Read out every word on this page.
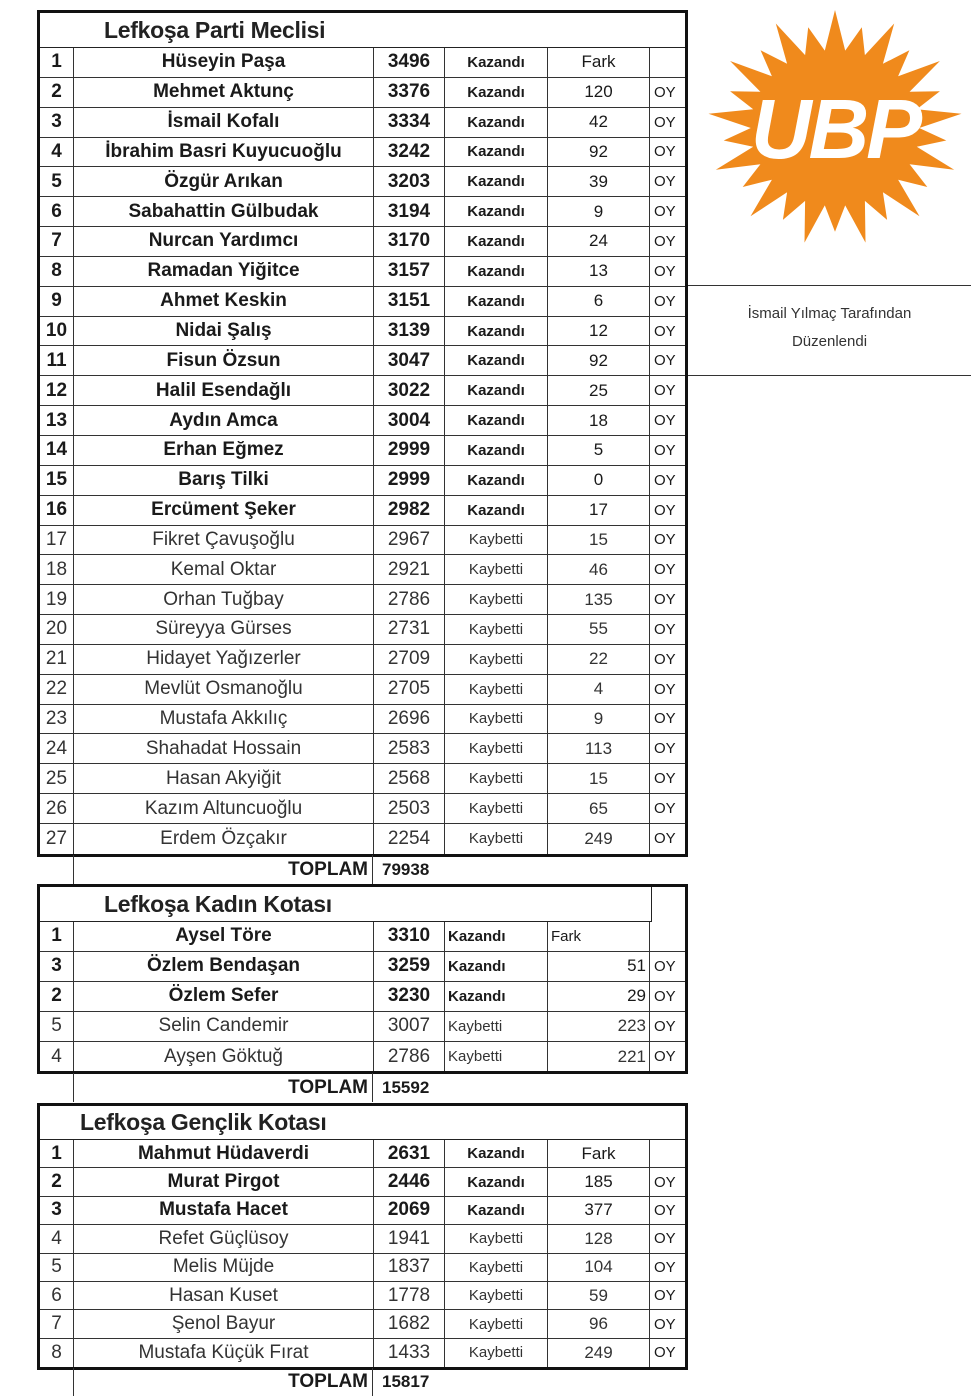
Lefkoşa Parti Meclisi
1	Hüseyin Paşa	3496	Kazandı	Fark
2	Mehmet Aktunç	3376	Kazandı	120	OY
3	İsmail Kofalı	3334	Kazandı	42	OY
4	İbrahim Basri Kuyucuoğlu	3242	Kazandı	92	OY
5	Özgür Arıkan	3203	Kazandı	39	OY
6	Sabahattin Gülbudak	3194	Kazandı	9	OY
7	Nurcan Yardımcı	3170	Kazandı	24	OY
8	Ramadan Yiğitce	3157	Kazandı	13	OY
9	Ahmet Keskin	3151	Kazandı	6	OY
10	Nidai Şalış	3139	Kazandı	12	OY
11	Fisun Özsun	3047	Kazandı	92	OY
12	Halil Esendağlı	3022	Kazandı	25	OY
13	Aydın Amca	3004	Kazandı	18	OY
14	Erhan Eğmez	2999	Kazandı	5	OY
15	Barış Tilki	2999	Kazandı	0	OY
16	Ercüment Şeker	2982	Kazandı	17	OY
17	Fikret Çavuşoğlu	2967	Kaybetti	15	OY
18	Kemal Oktar	2921	Kaybetti	46	OY
19	Orhan Tuğbay	2786	Kaybetti	135	OY
20	Süreyya Gürses	2731	Kaybetti	55	OY
21	Hidayet Yağızerler	2709	Kaybetti	22	OY
22	Mevlüt Osmanoğlu	2705	Kaybetti	4	OY
23	Mustafa Akkılıç	2696	Kaybetti	9	OY
24	Shahadat Hossain	2583	Kaybetti	113	OY
25	Hasan Akyiğit	2568	Kaybetti	15	OY
26	Kazım Altuncuoğlu	2503	Kaybetti	65	OY
27	Erdem Özçakır	2254	Kaybetti	249	OY
TOPLAM 79938
Lefkoşa Kadın Kotası
1	Aysel Töre	3310	Kazandı	Fark
3	Özlem Bendaşan	3259	Kazandı	51 OY
2	Özlem Sefer	3230	Kazandı	29 OY
5	Selin Candemir	3007	Kaybetti	223 OY
4	Ayşen Göktuğ	2786	Kaybetti	221 OY
TOPLAM 15592
Lefkoşa Gençlik Kotası
1	Mahmut Hüdaverdi	2631	Kazandı	Fark
2	Murat Pirgot	2446	Kazandı	185	OY
3	Mustafa Hacet	2069	Kazandı	377	OY
4	Refet Güçlüsoy	1941	Kaybetti	128	OY
5	Melis Müjde	1837	Kaybetti	104	OY
6	Hasan Kuset	1778	Kaybetti	59	OY
7	Şenol Bayur	1682	Kaybetti	96	OY
8	Mustafa Küçük Fırat	1433	Kaybetti	249	OY
TOPLAM 15817
UBP
İsmail Yılmaç Tarafından
Düzenlendi
